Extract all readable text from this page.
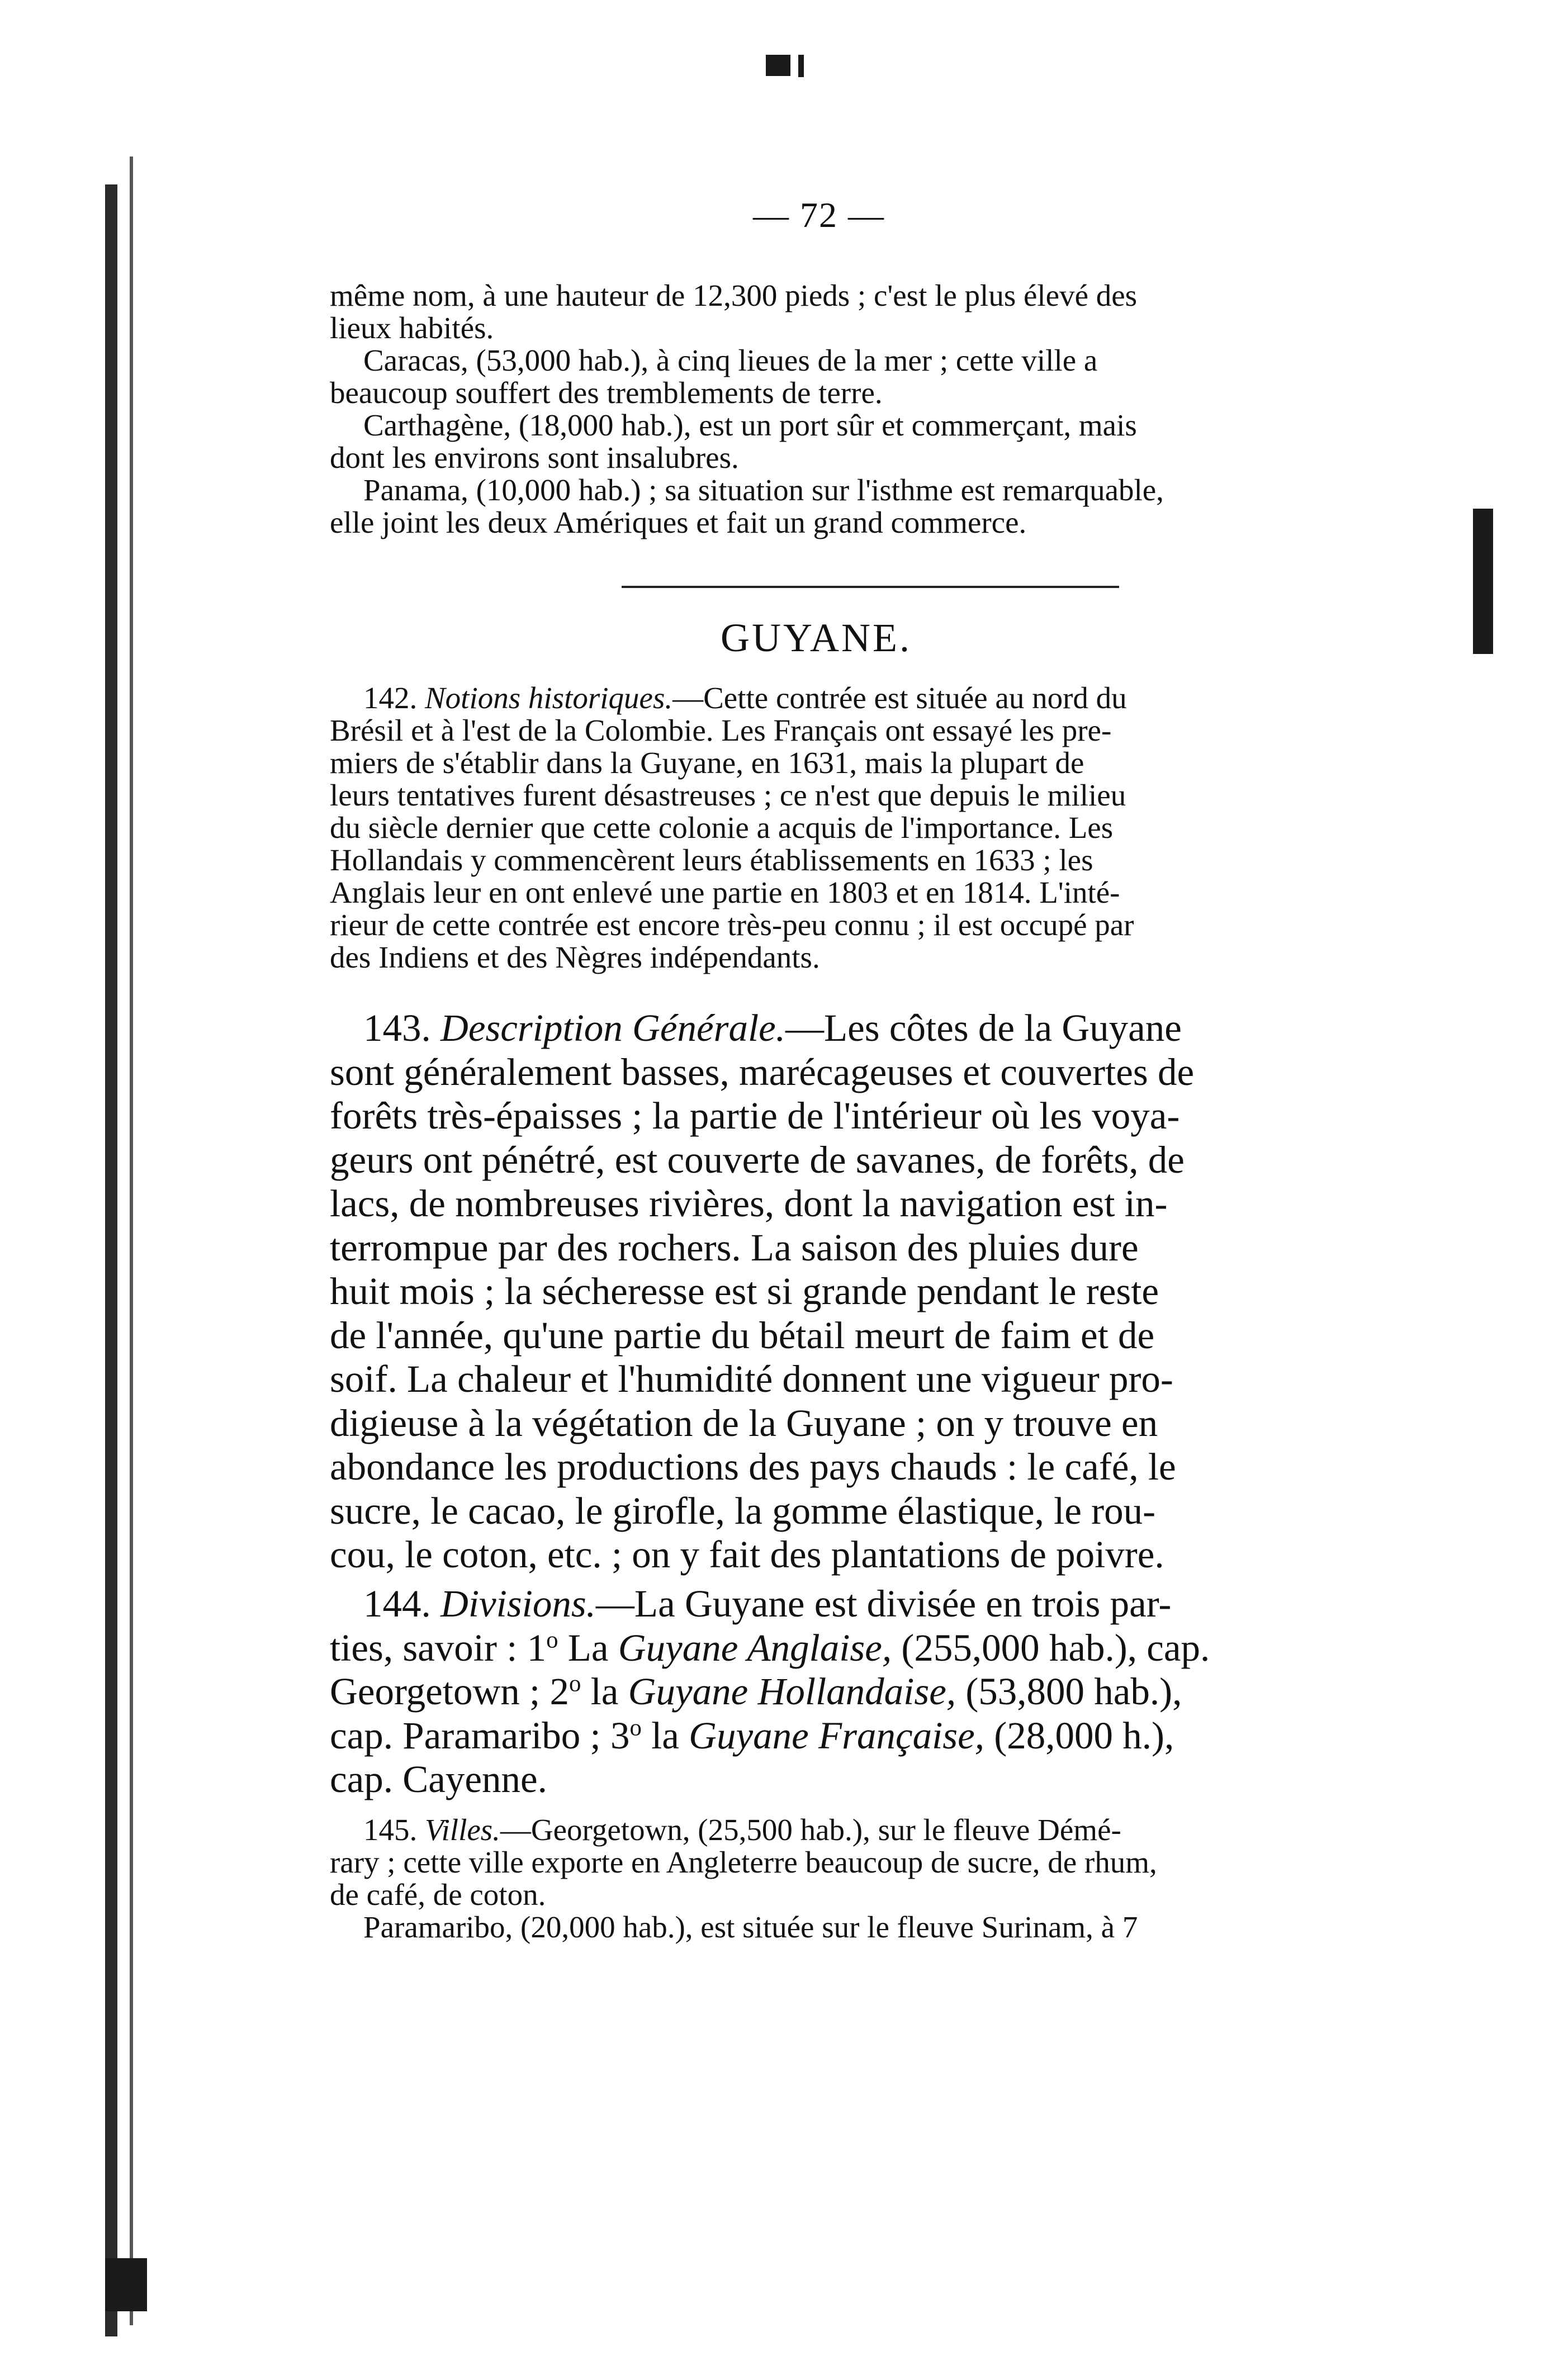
— 72 —

même nom, à une hauteur de 12,300 pieds ; c'est le plus élevé des
lieux habités.

Caracas, (53,000 hab.), à cinq lieues de la mer ; cette ville a
beaucoup souffert des tremblements de terre.

Carthagène, (18,000 hab.), est un port sûr et commerçant, mais
dont les environs sont insalubres.

Panama, (10,000 hab.) ; sa situation sur l'isthme est remarquable,
elle joint les deux Amériques et fait un grand commerce.

GUYANE.

142. Notions historiques.—Cette contrée est située au nord du
Brésil et à l'est de la Colombie. Les Français ont essayé les pre-
miers de s'établir dans la Guyane, en 1631, mais la plupart de
leurs tentatives furent désastreuses ; ce n'est que depuis le milieu
du siècle dernier que cette colonie a acquis de l'importance. Les
Hollandais y commencèrent leurs établissements en 1633 ; les
Anglais leur en ont enlevé une partie en 1803 et en 1814. L'inté-
rieur de cette contrée est encore très-peu connu ; il est occupé par
des Indiens et des Nègres indépendants.

143. Description Générale.—Les côtes de la Guyane
sont généralement basses, marécageuses et couvertes de
forêts très-épaisses ; la partie de l'intérieur où les voya-
geurs ont pénétré, est couverte de savanes, de forêts, de
lacs, de nombreuses rivières, dont la navigation est in-
terrompue par des rochers. La saison des pluies dure
huit mois ; la sécheresse est si grande pendant le reste
de l'année, qu'une partie du bétail meurt de faim et de
soif. La chaleur et l'humidité donnent une vigueur pro-
digieuse à la végétation de la Guyane ; on y trouve en
abondance les productions des pays chauds : le café, le
sucre, le cacao, le girofle, la gomme élastique, le rou-
cou, le coton, etc. ; on y fait des plantations de poivre.

144. Divisions.—La Guyane est divisée en trois par-
ties, savoir : 1$^o$ La Guyane Anglaise, (255,000 hab.), cap.
Georgetown ; 2$^o$ la Guyane Hollandaise, (53,800 hab.),
cap. Paramaribo ; 3$^o$ la Guyane Française, (28,000 h.),
cap. Cayenne.

145. Villes.—Georgetown, (25,500 hab.), sur le fleuve Démé-
rary ; cette ville exporte en Angleterre beaucoup de sucre, de rhum,
de café, de coton.
Paramaribo, (20,000 hab.), est située sur le fleuve Surinam, à 7
